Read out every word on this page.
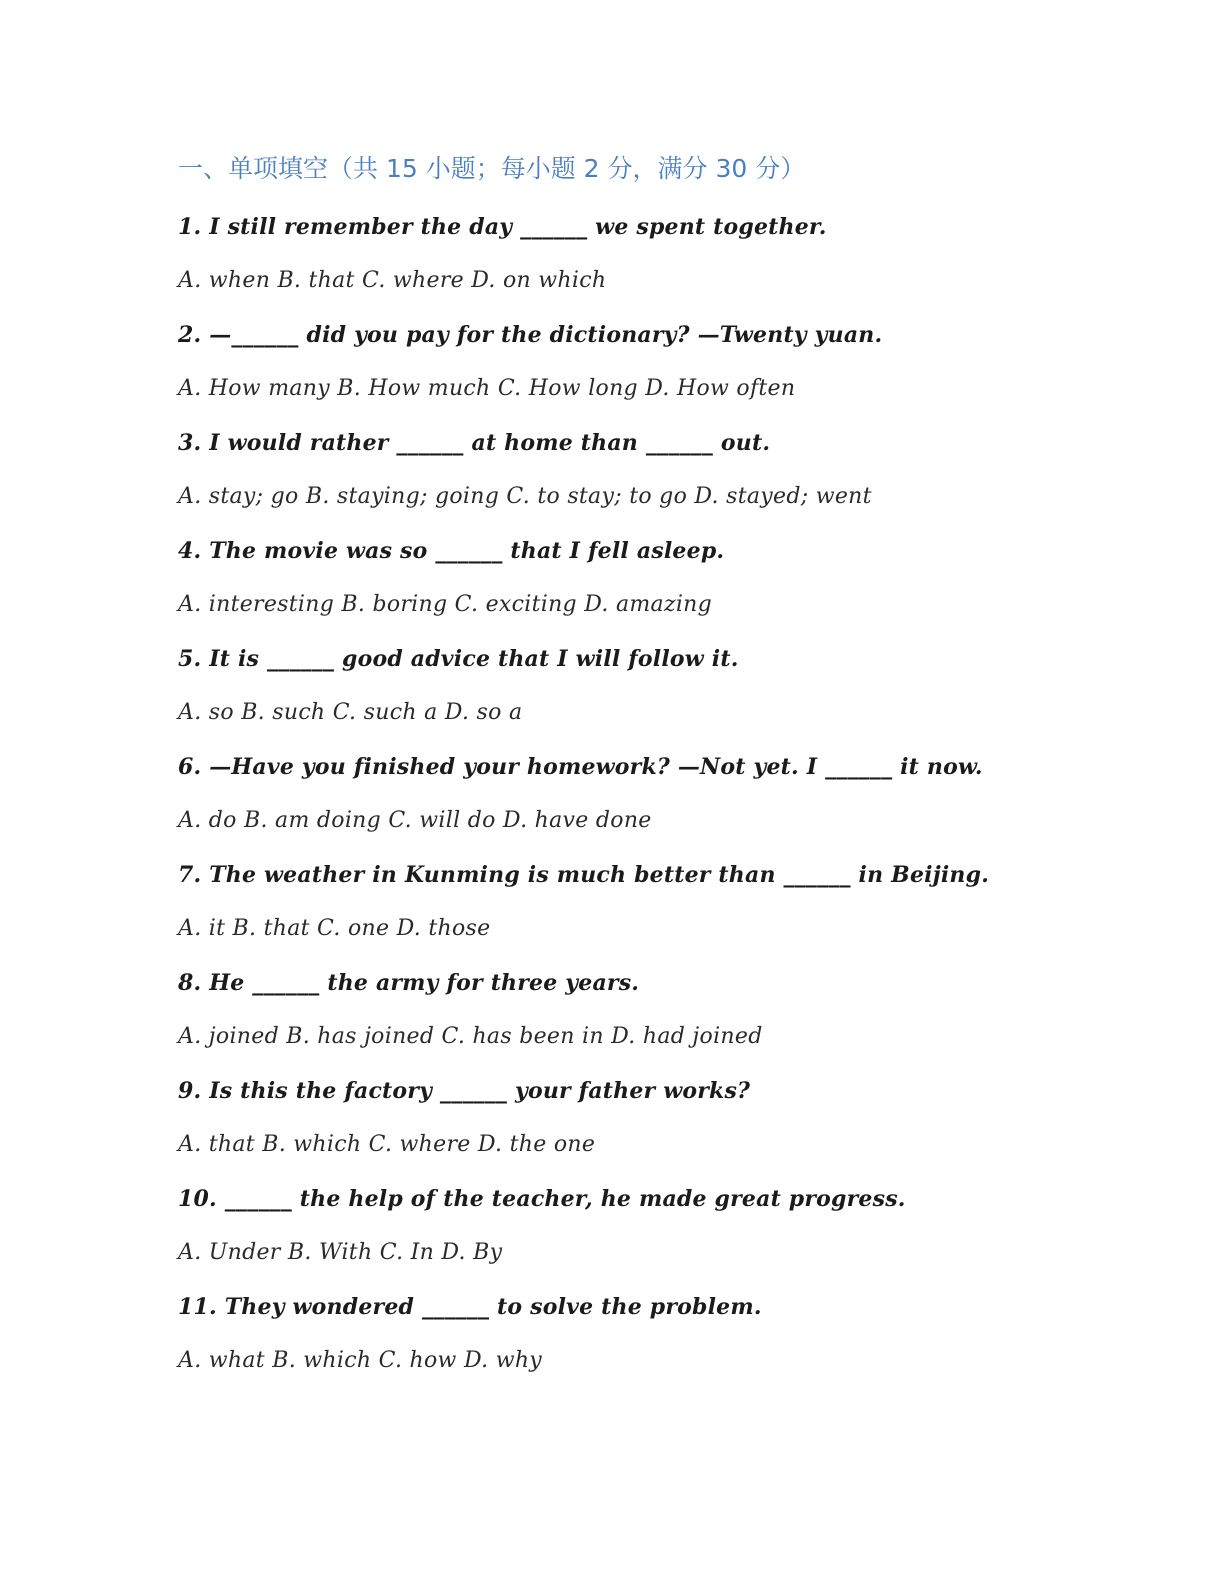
一、单项填空（共 15 小题；每小题 2 分，满分 30 分）
1. I still remember the day ______ we spent together.
A. when B. that C. where D. on which
2. —______ did you pay for the dictionary? —Twenty yuan.
A. How many B. How much C. How long D. How often
3. I would rather ______ at home than ______ out.
A. stay; go B. staying; going C. to stay; to go D. stayed; went
4. The movie was so ______ that I fell asleep.
A. interesting B. boring C. exciting D. amazing
5. It is ______ good advice that I will follow it.
A. so B. such C. such a D. so a
6. —Have you finished your homework? —Not yet. I ______ it now.
A. do B. am doing C. will do D. have done
7. The weather in Kunming is much better than ______ in Beijing.
A. it B. that C. one D. those
8. He ______ the army for three years.
A. joined B. has joined C. has been in D. had joined
9. Is this the factory ______ your father works?
A. that B. which C. where D. the one
10. ______ the help of the teacher, he made great progress.
A. Under B. With C. In D. By
11. They wondered ______ to solve the problem.
A. what B. which C. how D. why
